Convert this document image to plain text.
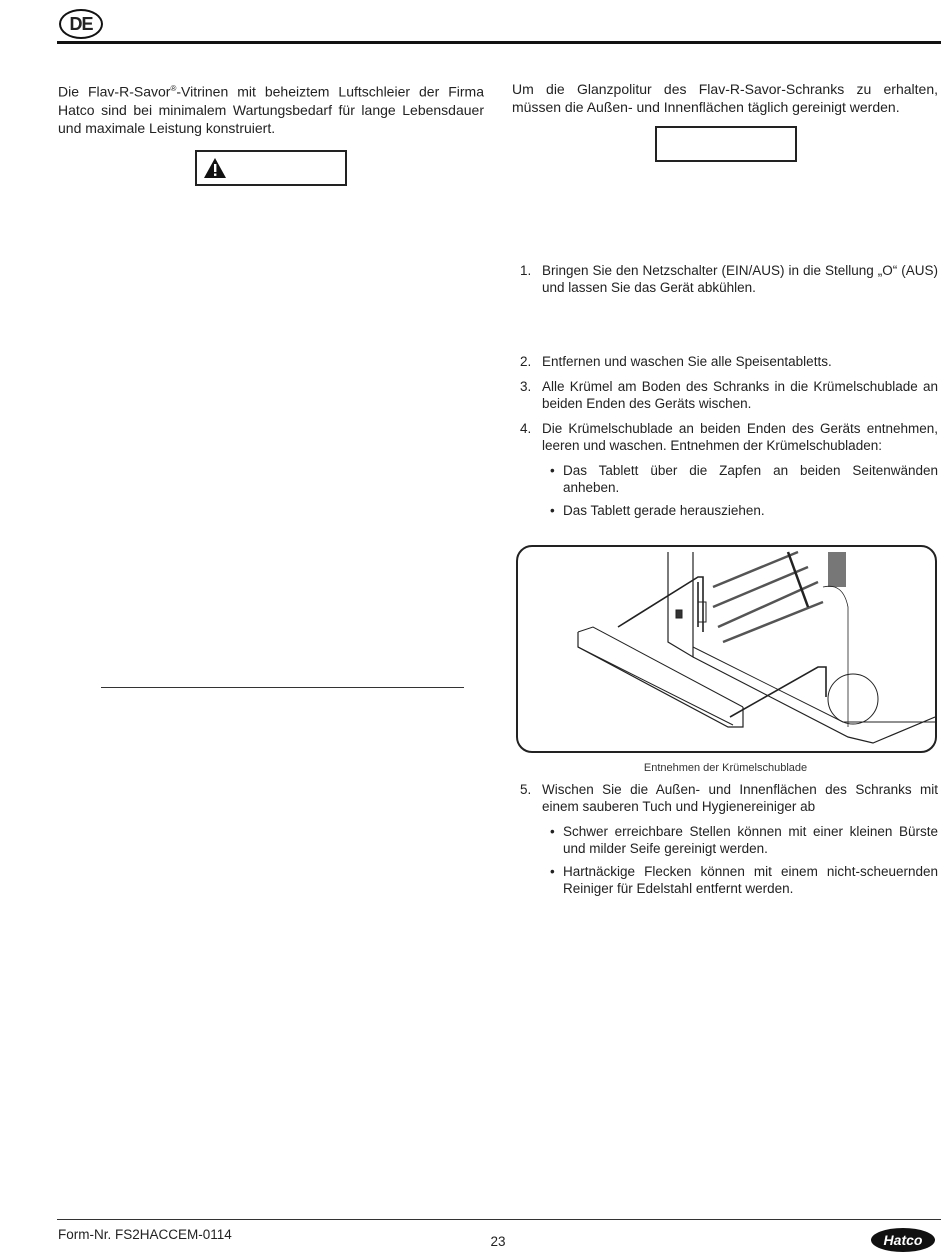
DE
Die Flav-R-Savor®-Vitrinen mit beheiztem Luftschleier der Firma Hatco sind bei minimalem Wartungsbedarf für lange Lebensdauer und maximale Leistung konstruiert.
Um die Glanzpolitur des Flav-R-Savor-Schranks zu erhalten, müssen die Außen- und Innenflächen täglich gereinigt werden.
1. Bringen Sie den Netzschalter (EIN/AUS) in die Stellung „O“ (AUS) und lassen Sie das Gerät abkühlen.
2. Entfernen und waschen Sie alle Speisentabletts.
3. Alle Krümel am Boden des Schranks in die Krümelschublade an beiden Enden des Geräts wischen.
4. Die Krümelschublade an beiden Enden des Geräts entnehmen, leeren und waschen. Entnehmen der Krümelschubladen:
• Das Tablett über die Zapfen an beiden Seitenwänden anheben.
• Das Tablett gerade herausziehen.
Entnehmen der Krümelschublade
5. Wischen Sie die Außen- und Innenflächen des Schranks mit einem sauberen Tuch und Hygienereiniger ab
• Schwer erreichbare Stellen können mit einer kleinen Bürste und milder Seife gereinigt werden.
• Hartnäckige Flecken können mit einem nicht-scheuernden Reiniger für Edelstahl entfernt werden.
Form-Nr. FS2HACCEM-0114	23	Hatco
